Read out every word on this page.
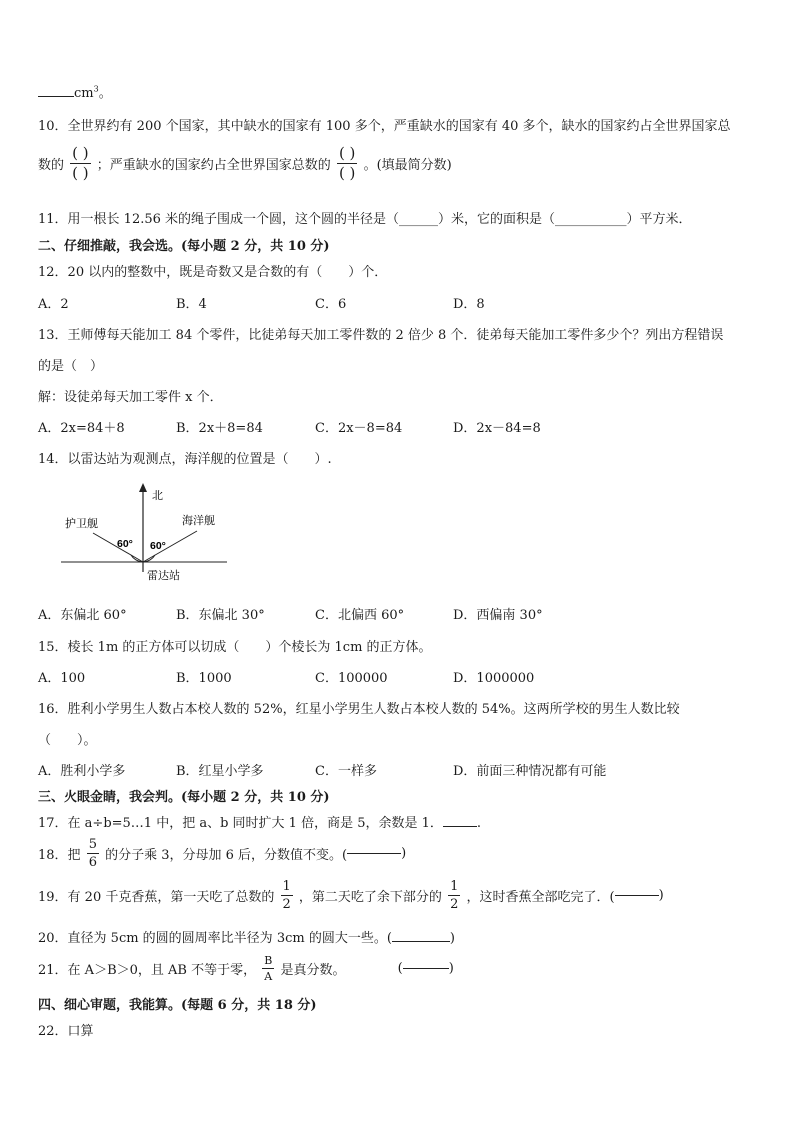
$cm^3$。
10．全世界约有 200 个国家，其中缺水的国家有 100 多个，严重缺水的国家有 40 多个，缺水的国家约占全世界国家总
数的 $\frac{( )}{( )}$ ；严重缺水的国家约占全世界国家总数的 $\frac{( )}{( )}$ 。(填最简分数)
11．用一根长 12.56 米的绳子围成一个圆，这个圆的半径是（______）米，它的面积是（___________）平方米．
二、仔细推敲，我会选。(每小题 2 分，共 10 分)
12．20 以内的整数中，既是奇数又是合数的有（　　）个．
A．2	B．4	C．6	D．8
13．王师傅每天能加工 84 个零件，比徒弟每天加工零件数的 2 倍少 8 个．徒弟每天能加工零件多少个？列出方程错误
的是（　）
解：设徒弟每天加工零件 x 个．
A．2x=84＋8	B．2x＋8=84	C．2x－8=84	D．2x－84=8
14．以雷达站为观测点，海洋舰的位置是（　　）.
北
护卫舰	海洋舰
60° 60°
雷达站
A．东偏北 60°	B．东偏北 30°	C．北偏西 60°	D．西偏南 30°
15．棱长 1m 的正方体可以切成（　　）个棱长为 1cm 的正方体。
A．100	B．1000	C．100000	D．1000000
16．胜利小学男生人数占本校人数的 52%，红星小学男生人数占本校人数的 54%。这两所学校的男生人数比较
（　　）。
A．胜利小学多	B．红星小学多	C．一样多	D．前面三种情况都有可能
三、火眼金睛，我会判。(每小题 2 分，共 10 分)
17．在 a÷b=5…1 中，把 a、b 同时扩大 1 倍，商是 5，余数是 1．	.
18．把 $\frac{5}{6}$ 的分子乘 3，分母加 6 后，分数值不变。(	)
19．有 20 千克香蕉，第一天吃了总数的 $\frac{1}{2}$ ，第二天吃了余下部分的 $\frac{1}{2}$ ，这时香蕉全部吃完了．(	)
20．直径为 5cm 的圆的圆周率比半径为 3cm 的圆大一些。(	)
21．在 A＞B＞0，且 AB 不等于零， $\frac{B}{A}$ 是真分数。	(	)
四、细心审题，我能算。(每题 6 分，共 18 分)
22．口算
